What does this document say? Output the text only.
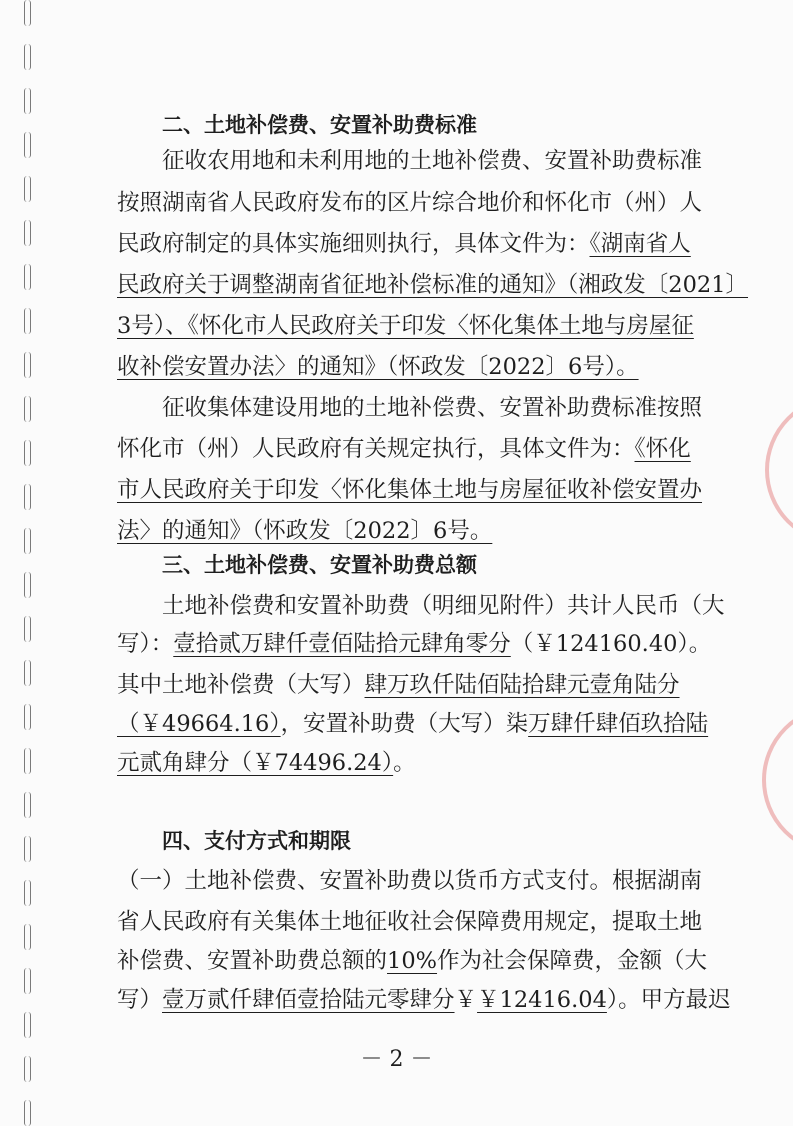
二、土地补偿费、安置补助费标准
征收农用地和未利用地的土地补偿费、安置补助费标准
按照湖南省人民政府发布的区片综合地价和怀化市（州）人
民政府制定的具体实施细则执行，具体文件为：《湖南省人
民政府关于调整湖南省征地补偿标准的通知》（湘政发〔2021〕
3号）、《怀化市人民政府关于印发〈怀化集体土地与房屋征
收补偿安置办法〉的通知》（怀政发〔2022〕6号）。
征收集体建设用地的土地补偿费、安置补助费标准按照
怀化市（州）人民政府有关规定执行，具体文件为：《怀化
市人民政府关于印发〈怀化集体土地与房屋征收补偿安置办
法〉的通知》（怀政发〔2022〕6号。
三、土地补偿费、安置补助费总额
土地补偿费和安置补助费（明细见附件）共计人民币（大
写）：壹拾贰万肆仟壹佰陆拾元肆角零分（￥124160.40）。
其中土地补偿费（大写）肆万玖仟陆佰陆拾肆元壹角陆分
（￥49664.16），安置补助费（大写）柒万肆仟肆佰玖拾陆
元贰角肆分（￥74496.24）。
四、支付方式和期限
（一）土地补偿费、安置补助费以货币方式支付。根据湖南
省人民政府有关集体土地征收社会保障费用规定，提取土地
补偿费、安置补助费总额的10%作为社会保障费，金额（大
写）壹万贰仟肆佰壹拾陆元零肆分￥￥12416.04）。甲方最迟
－ 2 －
